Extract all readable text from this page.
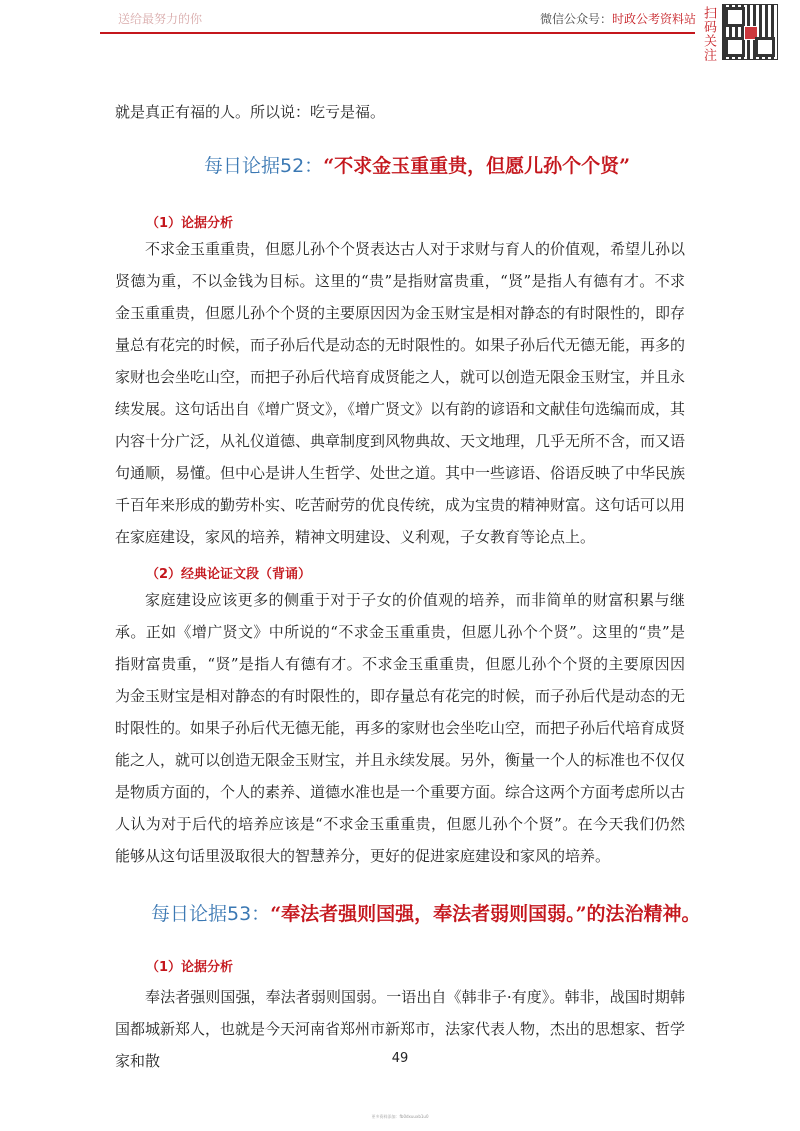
送给最努力的你	微信公众号：时政公考资料站 扫码关注

就是真正有福的人。所以说：吃亏是福。

每日论据52：“不求金玉重重贵，但愿儿孙个个贤”
（1）论据分析

不求金玉重重贵，但愿儿孙个个贤表达古人对于求财与育人的价值观，希望儿孙以贤德为重，不以金钱为目标。这里的“贵”是指财富贵重，“贤”是指人有德有才。不求金玉重重贵，但愿儿孙个个贤的主要原因因为金玉财宝是相对静态的有时限性的，即存量总有花完的时候，而子孙后代是动态的无时限性的。如果子孙后代无德无能，再多的家财也会坐吃山空，而把子孙后代培育成贤能之人，就可以创造无限金玉财宝，并且永续发展。这句话出自《增广贤文》，《增广贤文》以有韵的谚语和文献佳句选编而成，其内容十分广泛，从礼仪道德、典章制度到风物典故、天文地理，几乎无所不含，而又语句通顺，易懂。但中心是讲人生哲学、处世之道。其中一些谚语、俗语反映了中华民族千百年来形成的勤劳朴实、吃苦耐劳的优良传统，成为宝贵的精神财富。这句话可以用在家庭建设，家风的培养，精神文明建设、义利观，子女教育等论点上。

（2）经典论证文段（背诵）

家庭建设应该更多的侧重于对于子女的价值观的培养，而非简单的财富积累与继承。正如《增广贤文》中所说的“不求金玉重重贵，但愿儿孙个个贤”。这里的“贵”是指财富贵重，“贤”是指人有德有才。不求金玉重重贵，但愿儿孙个个贤的主要原因因为金玉财宝是相对静态的有时限性的，即存量总有花完的时候，而子孙后代是动态的无时限性的。如果子孙后代无德无能，再多的家财也会坐吃山空，而把子孙后代培育成贤能之人，就可以创造无限金玉财宝，并且永续发展。另外，衡量一个人的标准也不仅仅是物质方面的，个人的素养、道德水准也是一个重要方面。综合这两个方面考虑所以古人认为对于后代的培养应该是“不求金玉重重贵，但愿儿孙个个贤”。在今天我们仍然能够从这句话里汲取很大的智慧养分，更好的促进家庭建设和家风的培养。

每日论据53：“奉法者强则国强，奉法者弱则国弱。”的法治精神。
（1）论据分析

奉法者强则国强，奉法者弱则国弱。一语出自《韩非子·有度》。韩非，战国时期韩国都城新郑人，也就是今天河南省郑州市新郑市，法家代表人物，杰出的思想家、哲学家和散	49
更多资料添加：fb0dxuuxb1u0
